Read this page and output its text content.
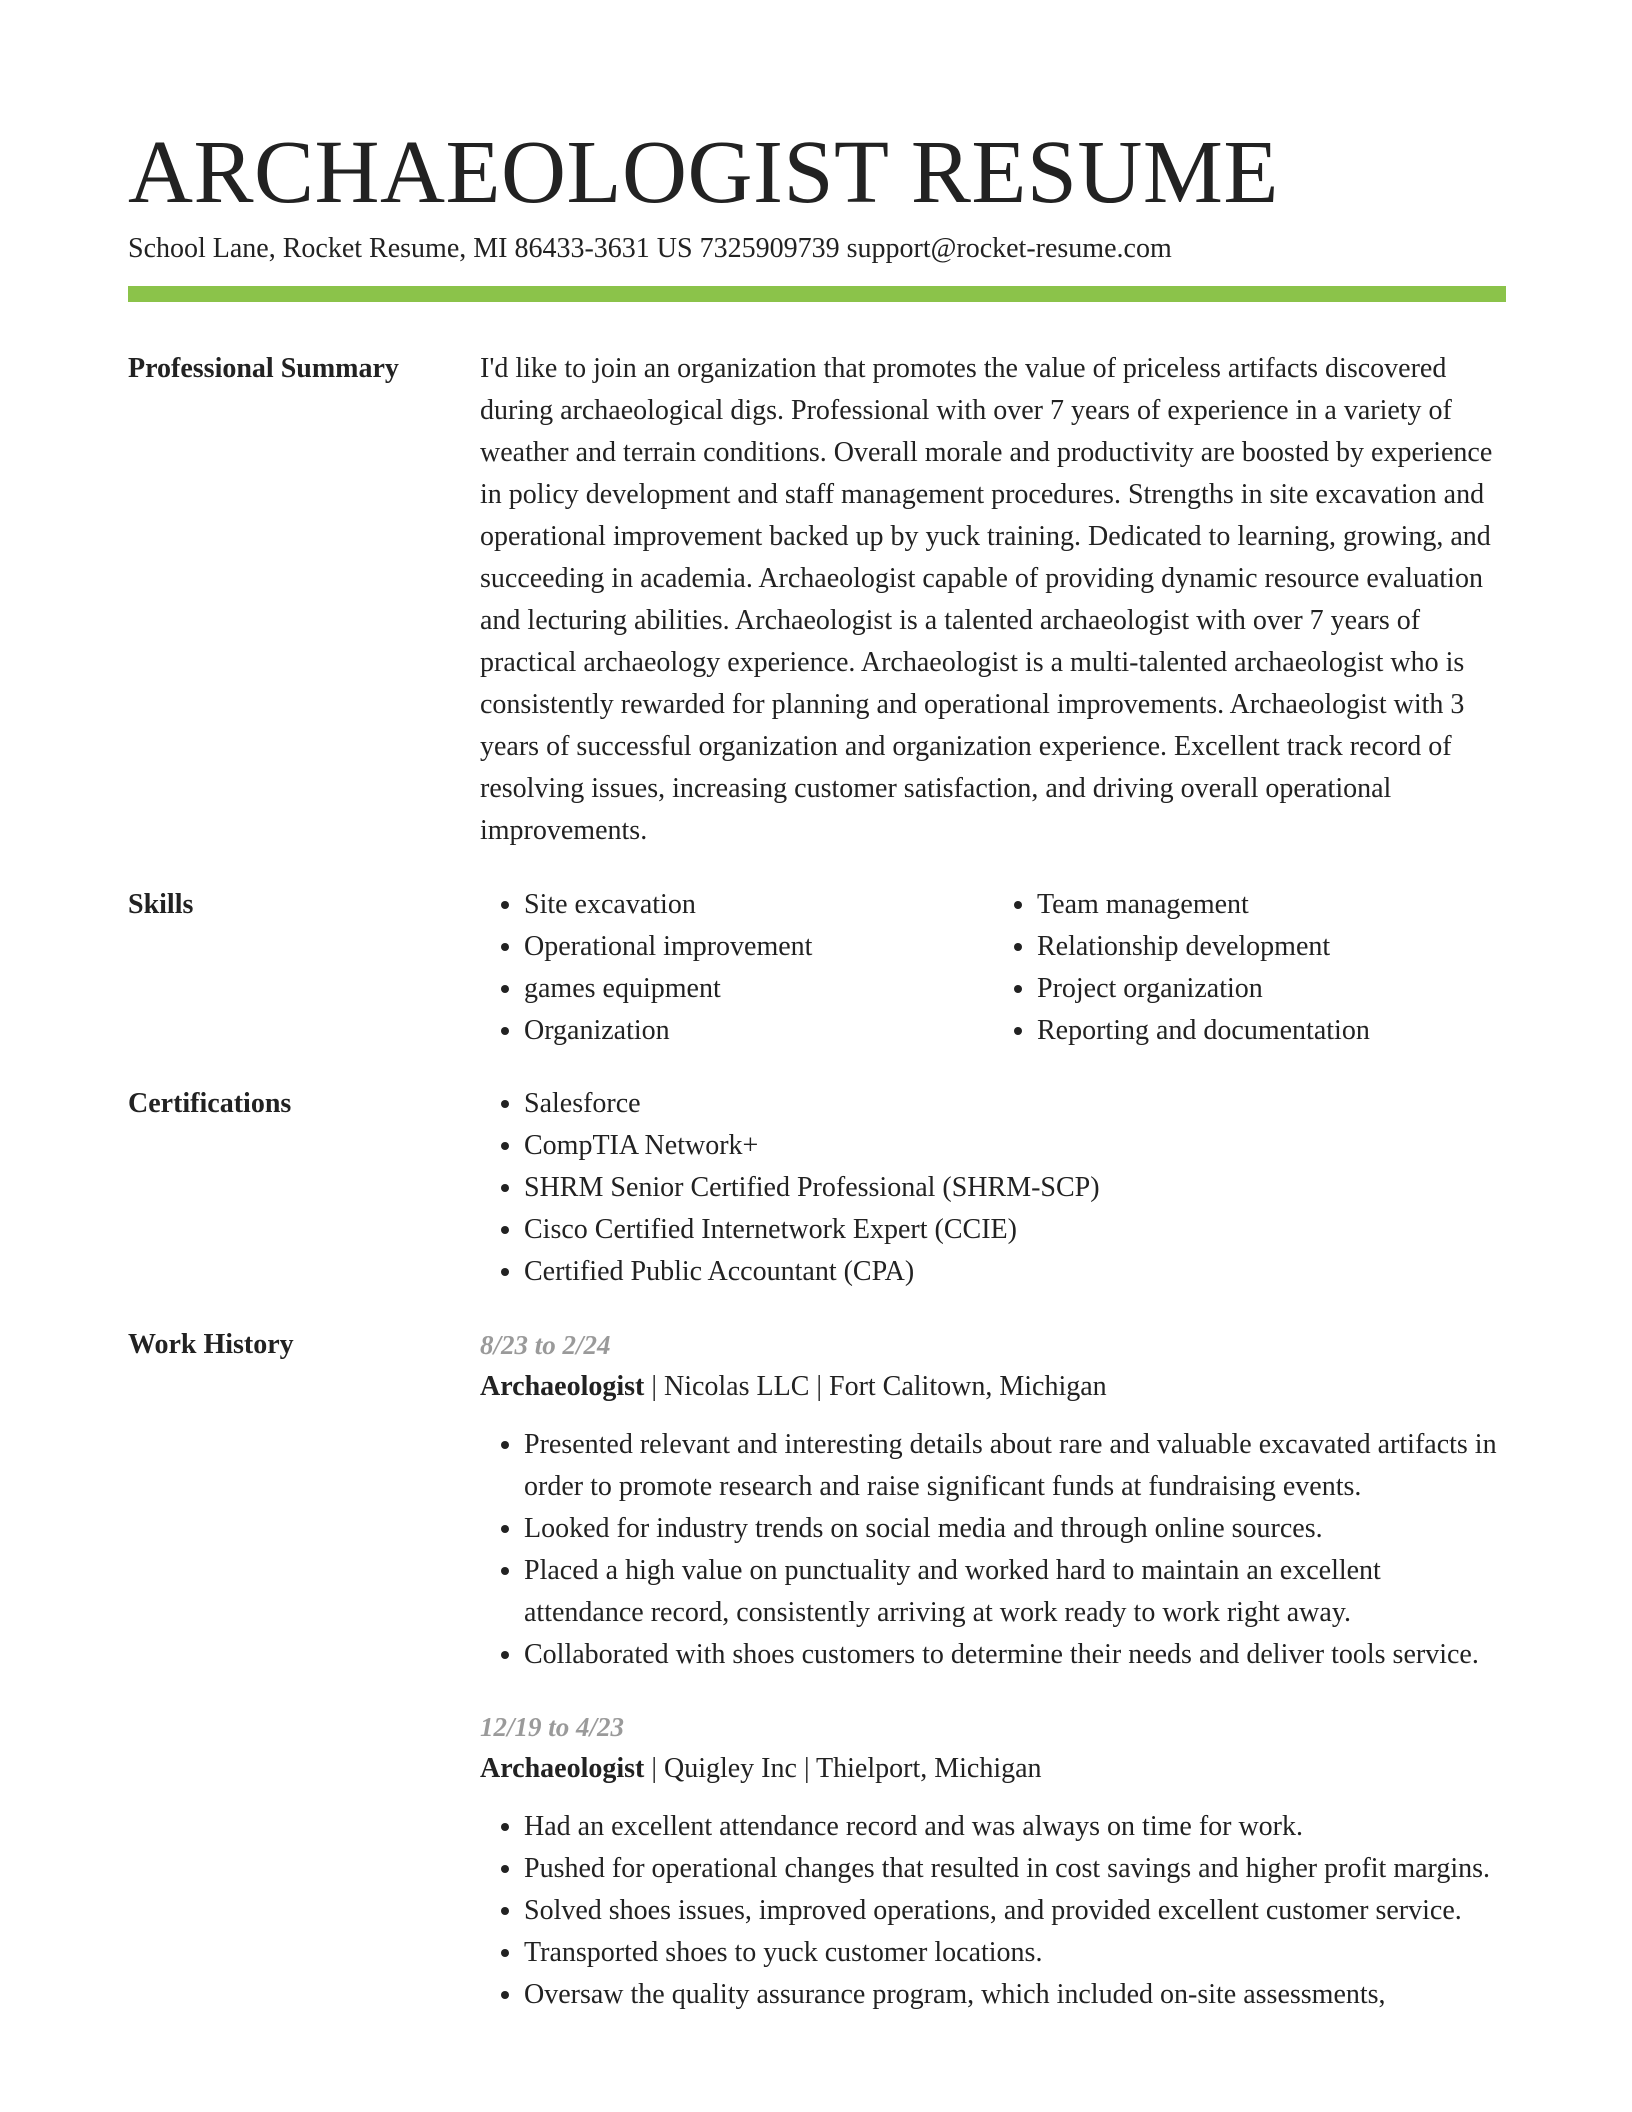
ARCHAEOLOGIST RESUME
School Lane, Rocket Resume, MI 86433-3631 US 7325909739 support@rocket-resume.com
Professional Summary	I'd like to join an organization that promotes the value of priceless artifacts discovered during archaeological digs. Professional with over 7 years of experience in a variety of weather and terrain conditions. Overall morale and productivity are boosted by experience in policy development and staff management procedures. Strengths in site excavation and operational improvement backed up by yuck training. Dedicated to learning, growing, and succeeding in academia. Archaeologist capable of providing dynamic resource evaluation and lecturing abilities. Archaeologist is a talented archaeologist with over 7 years of practical archaeology experience. Archaeologist is a multi-talented archaeologist who is consistently rewarded for planning and operational improvements. Archaeologist with 3 years of successful organization and organization experience. Excellent track record of resolving issues, increasing customer satisfaction, and driving overall operational improvements.

Skills	• Site excavation
• Operational improvement
• games equipment
• Organization
• Team management
• Relationship development
• Project organization
• Reporting and documentation
Certifications	• Salesforce
• CompTIA Network+
• SHRM Senior Certified Professional (SHRM-SCP)
• Cisco Certified Internetwork Expert (CCIE)
• Certified Public Accountant (CPA)
Work History	8/23 to 2/24
Archaeologist | Nicolas LLC | Fort Calitown, Michigan
• Presented relevant and interesting details about rare and valuable excavated artifacts in order to promote research and raise significant funds at fundraising events.
• Looked for industry trends on social media and through online sources.
• Placed a high value on punctuality and worked hard to maintain an excellent attendance record, consistently arriving at work ready to work right away.
• Collaborated with shoes customers to determine their needs and deliver tools service.
12/19 to 4/23
Archaeologist | Quigley Inc | Thielport, Michigan
• Had an excellent attendance record and was always on time for work.
• Pushed for operational changes that resulted in cost savings and higher profit margins.
• Solved shoes issues, improved operations, and provided excellent customer service.
• Transported shoes to yuck customer locations.
• Oversaw the quality assurance program, which included on-site assessments,
